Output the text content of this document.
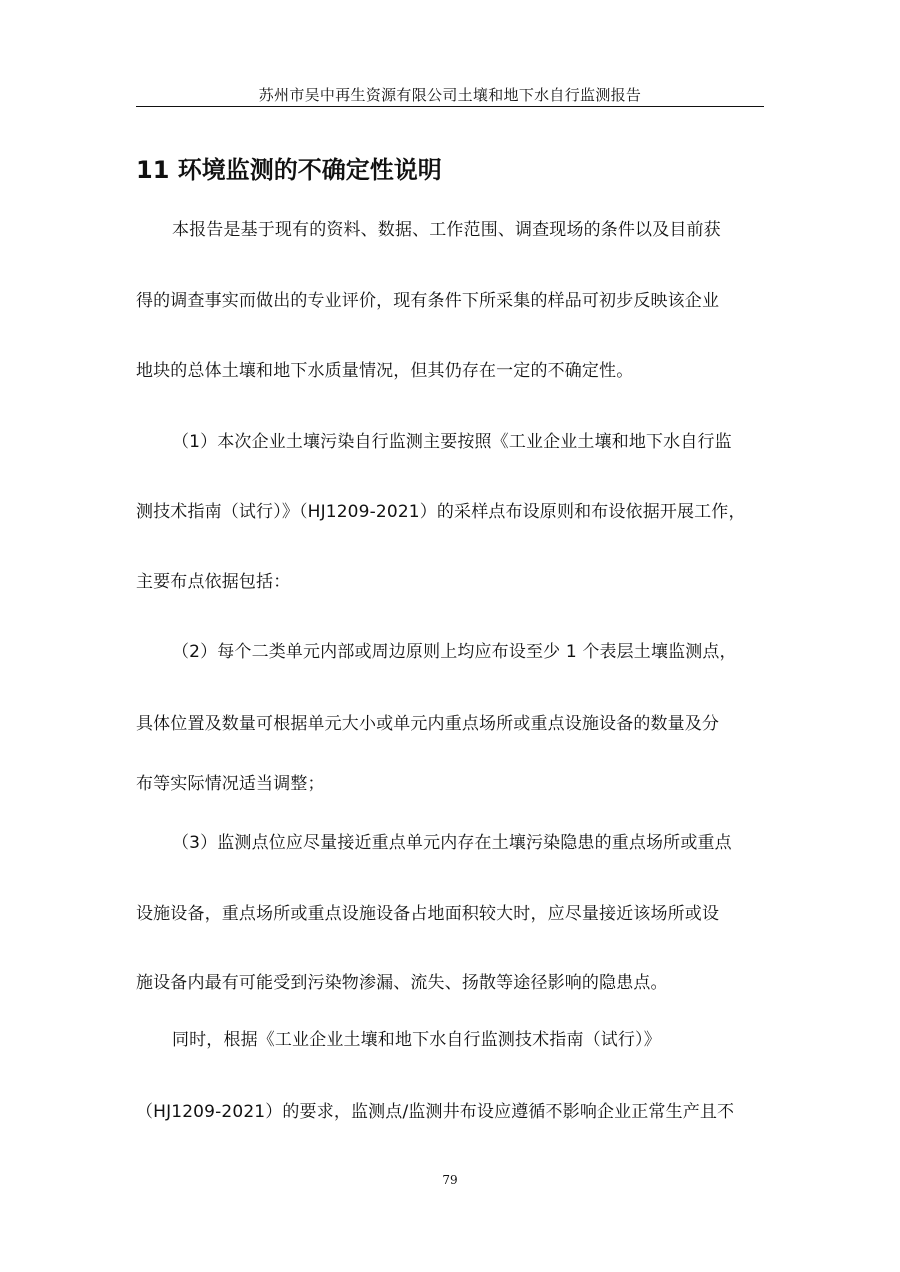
苏州市吴中再生资源有限公司土壤和地下水自行监测报告
11 环境监测的不确定性说明
本报告是基于现有的资料、数据、工作范围、调查现场的条件以及目前获
得的调查事实而做出的专业评价，现有条件下所采集的样品可初步反映该企业
地块的总体土壤和地下水质量情况，但其仍存在一定的不确定性。
（1）本次企业土壤污染自行监测主要按照《工业企业土壤和地下水自行监
测技术指南（试行）》（HJ1209-2021）的采样点布设原则和布设依据开展工作，
主要布点依据包括：
（2）每个二类单元内部或周边原则上均应布设至少 1 个表层土壤监测点，
具体位置及数量可根据单元大小或单元内重点场所或重点设施设备的数量及分
布等实际情况适当调整；
（3）监测点位应尽量接近重点单元内存在土壤污染隐患的重点场所或重点
设施设备，重点场所或重点设施设备占地面积较大时，应尽量接近该场所或设
施设备内最有可能受到污染物渗漏、流失、扬散等途径影响的隐患点。
同时，根据《工业企业土壤和地下水自行监测技术指南（试行）》
（HJ1209-2021）的要求，监测点/监测井布设应遵循不影响企业正常生产且不
79
